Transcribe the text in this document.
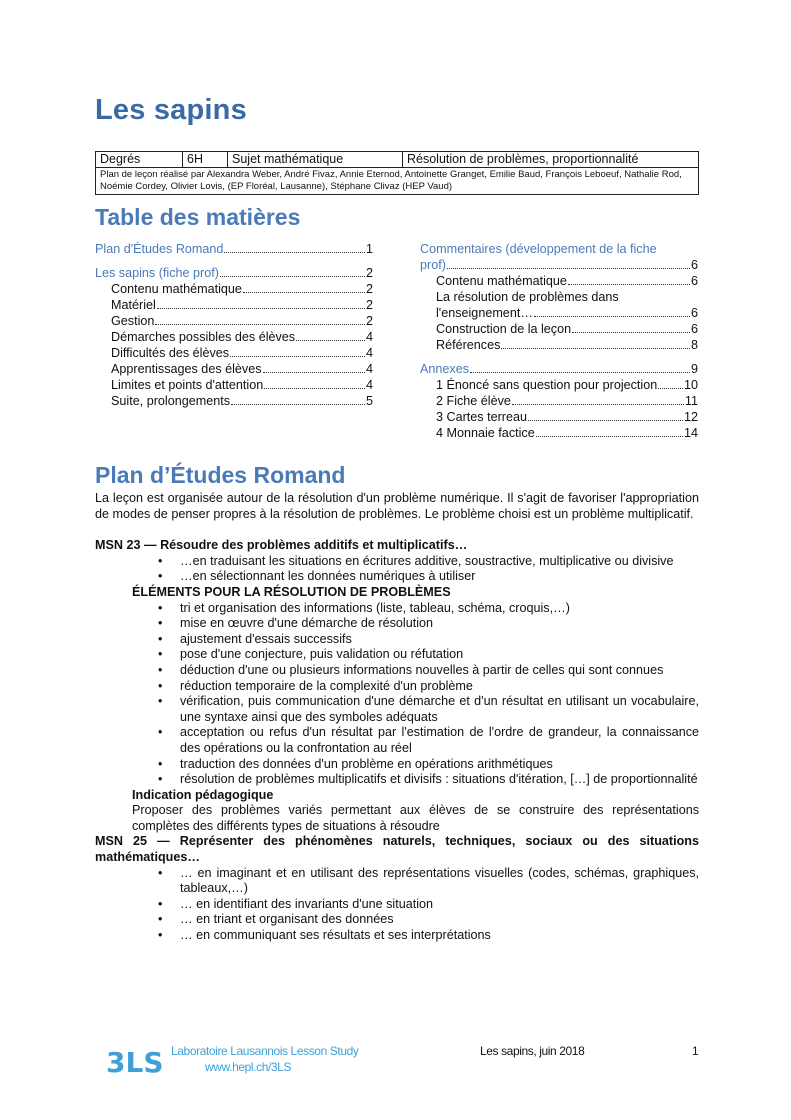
Les sapins
Degrés	6H	Sujet mathématique	Résolution de problèmes, proportionnalité
Plan de leçon réalisé par Alexandra Weber, André Fivaz, Annie Eternod, Antoinette Granget, Emilie Baud, François Leboeuf, Nathalie Rod, Noémie Cordey, Olivier Lovis, (EP Floréal, Lausanne), Stéphane Clivaz (HEP Vaud)
Table des matières
Plan d'Études Romand	1
Les sapins (fiche prof)	2
Contenu mathématique	2
Matériel	2
Gestion	2
Démarches possibles des élèves	4
Difficultés des élèves	4
Apprentissages des élèves	4
Limites et points d'attention	4
Suite, prolongements	5
Commentaires (développement de la fiche
prof)	6
Contenu mathématique	6
La résolution de problèmes dans
l'enseignement…	6
Construction de la leçon	6
Références	8
Annexes	9
1 Énoncé sans question pour projection 10
2 Fiche élève	11
3 Cartes terreau	12
4 Monnaie factice	14
Plan d’Études Romand

La leçon est organisée autour de la résolution d'un problème numérique. Il s'agit de favoriser l'appropriation de modes de penser propres à la résolution de problèmes. Le problème choisi est un problème multiplicatif.

MSN 23 — Résoudre des problèmes additifs et multiplicatifs…

• …en traduisant les situations en écritures additive, soustractive, multiplicative ou divisive
• …en sélectionnant les données numériques à utiliser

ÉLÉMENTS POUR LA RÉSOLUTION DE PROBLÈMES

• tri et organisation des informations (liste, tableau, schéma, croquis,…)
• mise en œuvre d'une démarche de résolution
• ajustement d'essais successifs
• pose d'une conjecture, puis validation ou réfutation
• déduction d'une ou plusieurs informations nouvelles à partir de celles qui sont connues
• réduction temporaire de la complexité d'un problème
• vérification, puis communication d'une démarche et d'un résultat en utilisant un vocabulaire, une syntaxe ainsi que des symboles adéquats
• acceptation ou refus d'un résultat par l'estimation de l'ordre de grandeur, la connaissance des opérations ou la confrontation au réel
• traduction des données d'un problème en opérations arithmétiques
• résolution de problèmes multiplicatifs et divisifs : situations d'itération, […] de proportionnalité

Indication pédagogique

Proposer des problèmes variés permettant aux élèves de se construire des représentations complètes des différents types de situations à résoudre

MSN 25 — Représenter des phénomènes naturels, techniques, sociaux ou des situations mathématiques…

• … en imaginant et en utilisant des représentations visuelles (codes, schémas, graphiques, tableaux,…)
• … en identifiant des invariants d'une situation
• … en triant et organisant des données
• … en communiquant ses résultats et ses interprétations
3LS Laboratoire Lausannois Lesson Study
www.hepl.ch/3LS
Les sapins, juin 2018	1
